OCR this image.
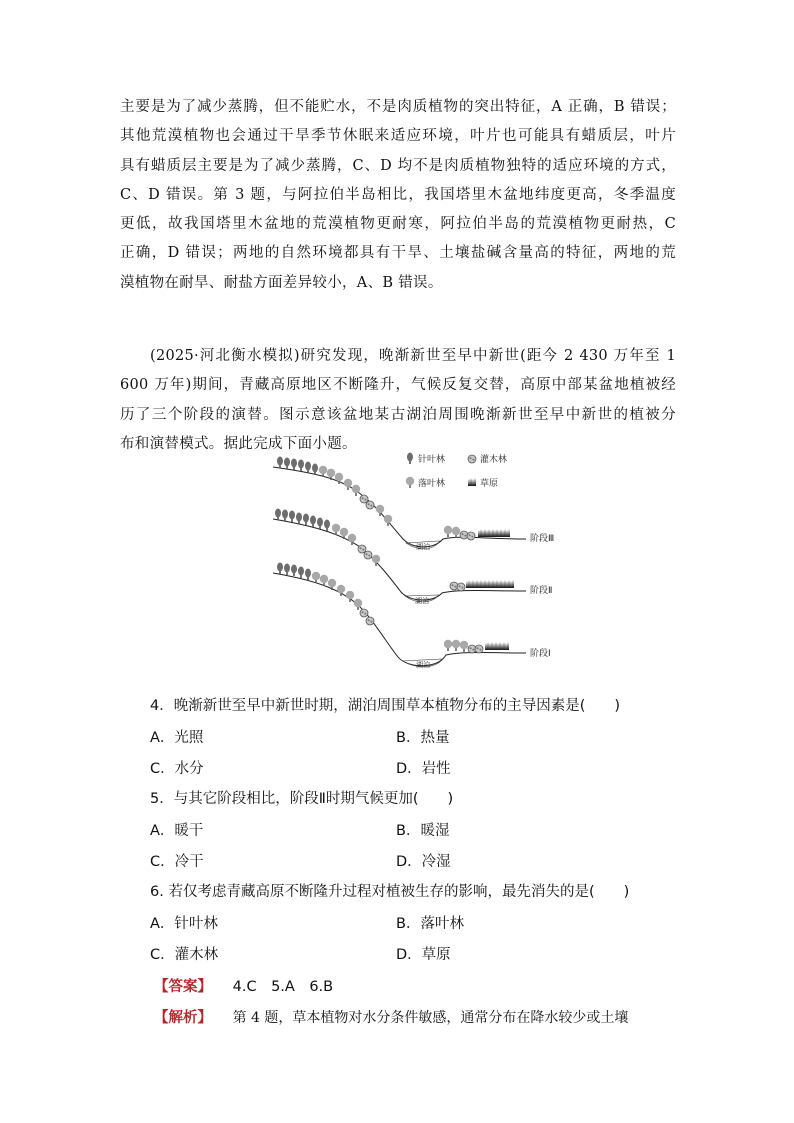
主要是为了减少蒸腾，但不能贮水，不是肉质植物的突出特征，A 正确，B 错误；
其他荒漠植物也会通过干旱季节休眠来适应环境，叶片也可能具有蜡质层，叶片
具有蜡质层主要是为了减少蒸腾，C、D 均不是肉质植物独特的适应环境的方式，
C、D 错误。第 3 题，与阿拉伯半岛相比，我国塔里木盆地纬度更高，冬季温度
更低，故我国塔里木盆地的荒漠植物更耐寒，阿拉伯半岛的荒漠植物更耐热，C
正确，D 错误；两地的自然环境都具有干旱、土壤盐碱含量高的特征，两地的荒
漠植物在耐旱、耐盐方面差异较小，A、B 错误。
(2025·河北衡水模拟)研究发现，晚渐新世至早中新世(距今 2 430 万年至 1
600 万年)期间，青藏高原地区不断隆升，气候反复交替，高原中部某盆地植被经
历了三个阶段的演替。图示意该盆地某古湖泊周围晚渐新世至早中新世的植被分
布和演替模式。据此完成下面小题。
针叶林	灌木林
落叶林	草原
湖泊
阶段Ⅲ
湖泊
阶段Ⅱ
湖泊
阶段Ⅰ

4．晚渐新世至早中新世时期，湖泊周围草本植物分布的主导因素是(　　)

A．光照	B．热量
C．水分	D．岩性

5．与其它阶段相比，阶段Ⅱ时期气候更加(　　)

A．暖干	B．暖湿
C．冷干	D．冷湿

6. 若仅考虑青藏高原不断隆升过程对植被生存的影响，最先消失的是(　　)

A．针叶林	B．落叶林
C．灌木林	D．草原
【答案】 4.C　5.A　6.B
【解析】 第 4 题，草本植物对水分条件敏感，通常分布在降水较少或土壤
